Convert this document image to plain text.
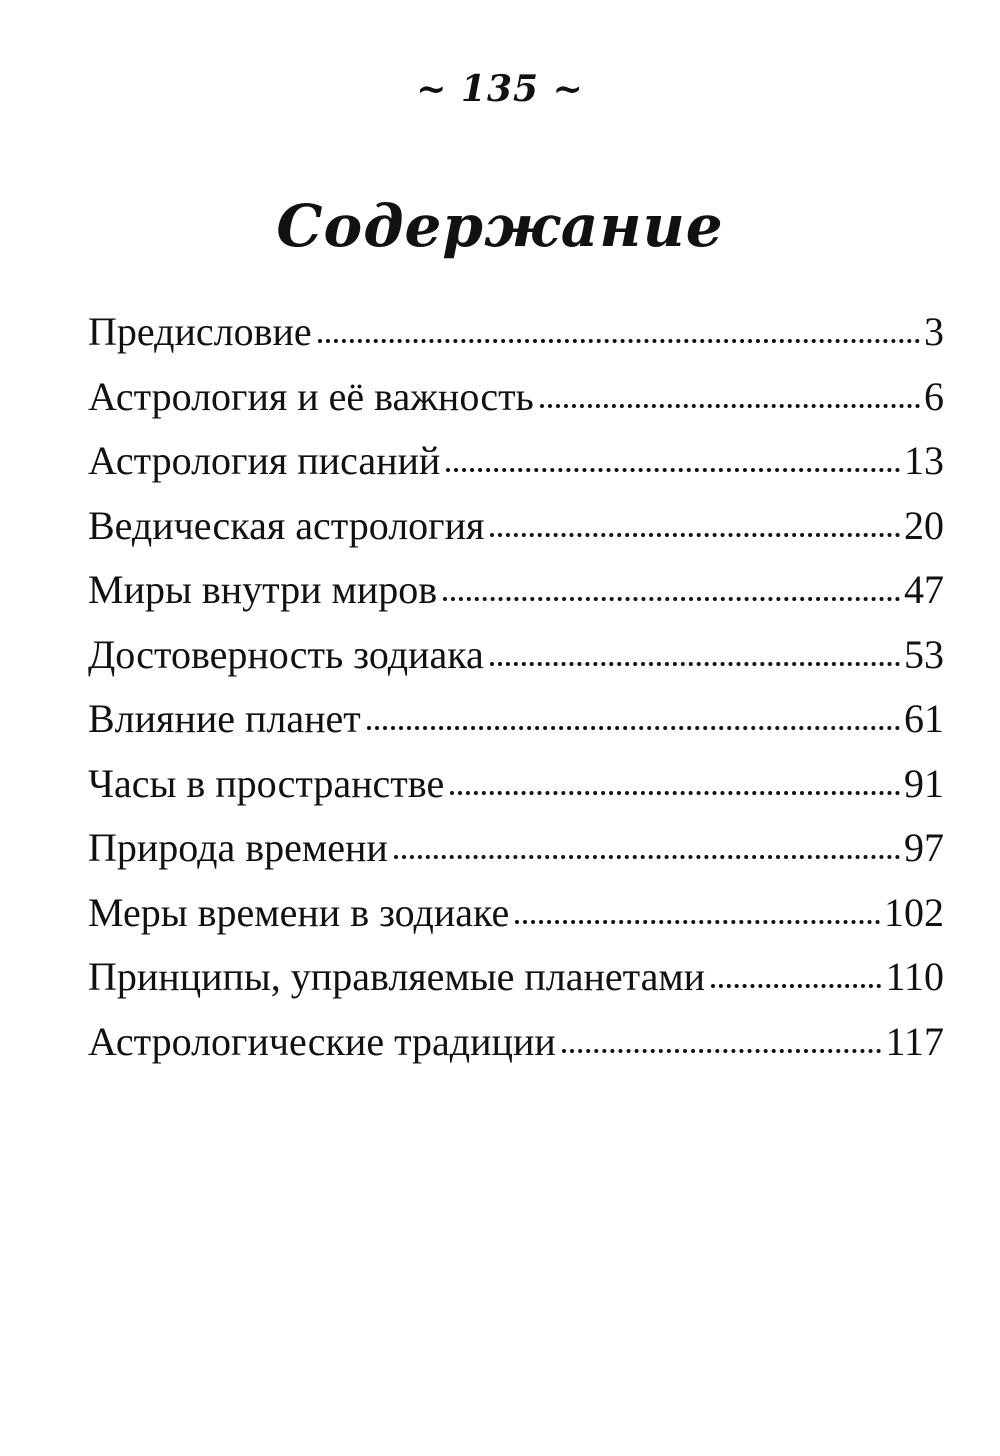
~ 135 ~
Содержание
Предисловие	3
Астрология и её важность	6
Астрология писаний	13
Ведическая астрология	20
Миры внутри миров	47
Достоверность зодиака	53
Влияние планет	61
Часы в пространстве	91
Природа времени	97
Меры времени в зодиаке	102
Принципы, управляемые планетами	110
Астрологические традиции	117
